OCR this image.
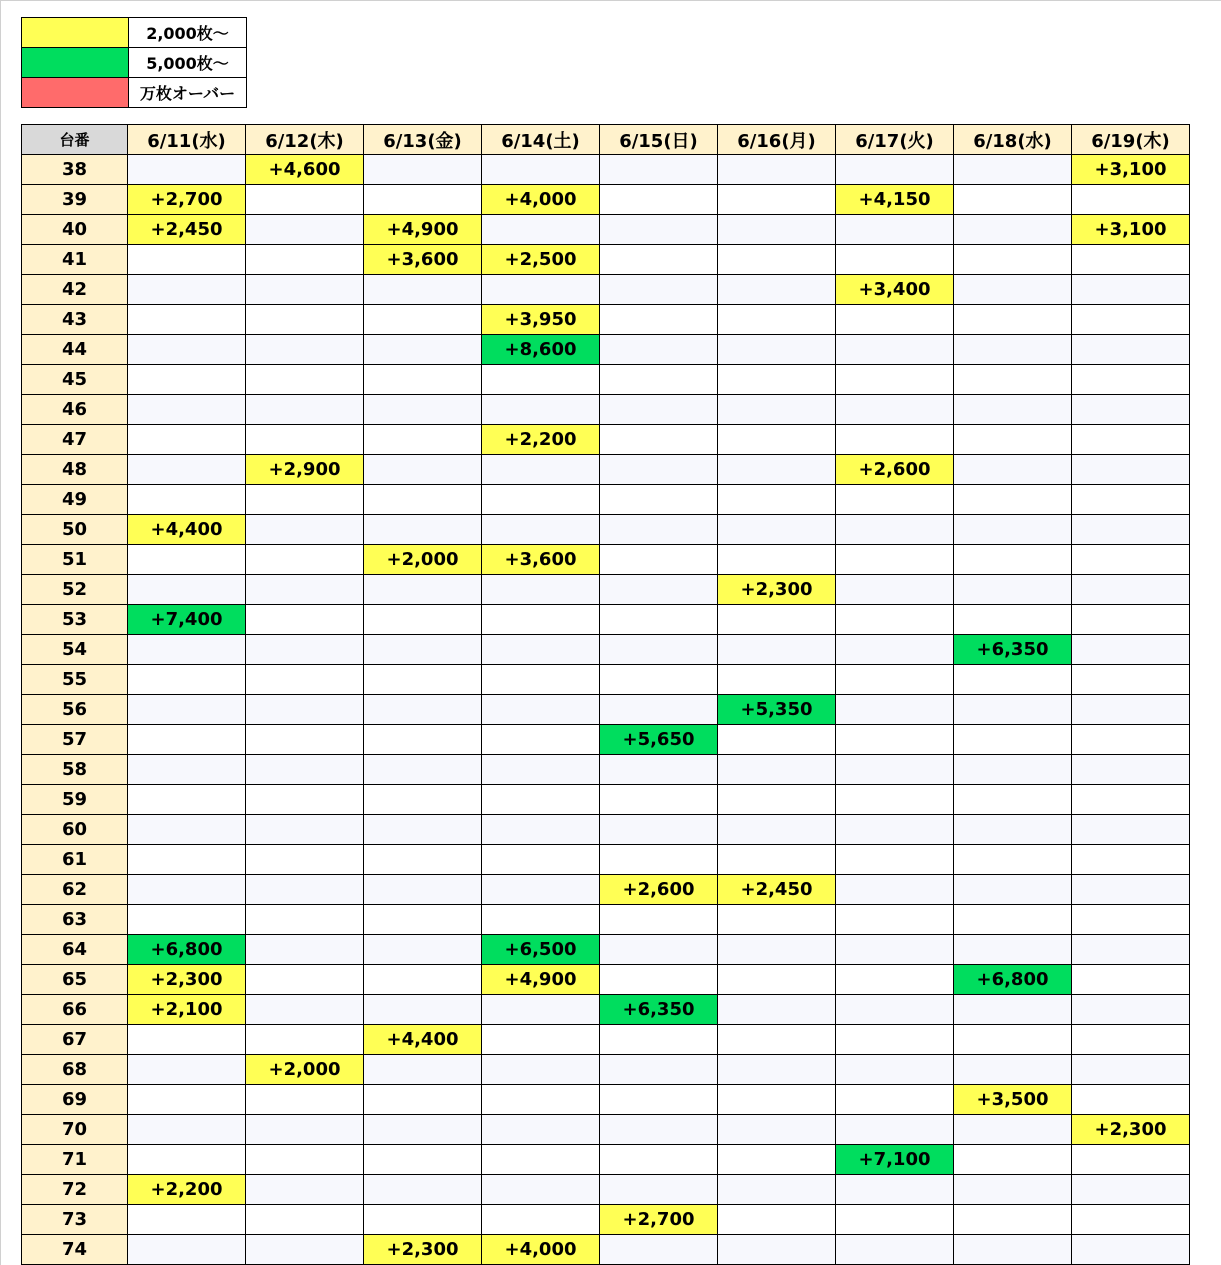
	2,000枚～
	5,000枚～
	万枚オーバー
台番	6/11(水)	6/12(木)	6/13(金)	6/14(土)	6/15(日)	6/16(月)	6/17(火)	6/18(水)	6/19(木)
38		+4,600							+3,100
39	+2,700			+4,000			+4,150		
40	+2,450		+4,900						+3,100
41			+3,600	+2,500					
42							+3,400		
43				+3,950					
44				+8,600					
45									
46									
47				+2,200					
48		+2,900					+2,600		
49									
50	+4,400								
51			+2,000	+3,600					
52						+2,300			
53	+7,400								
54								+6,350	
55									
56						+5,350			
57					+5,650				
58									
59									
60									
61									
62					+2,600	+2,450			
63									
64	+6,800			+6,500					
65	+2,300			+4,900				+6,800	
66	+2,100				+6,350				
67			+4,400						
68		+2,000							
69								+3,500	
70									+2,300
71							+7,100		
72	+2,200								
73					+2,700				
74			+2,300	+4,000					
